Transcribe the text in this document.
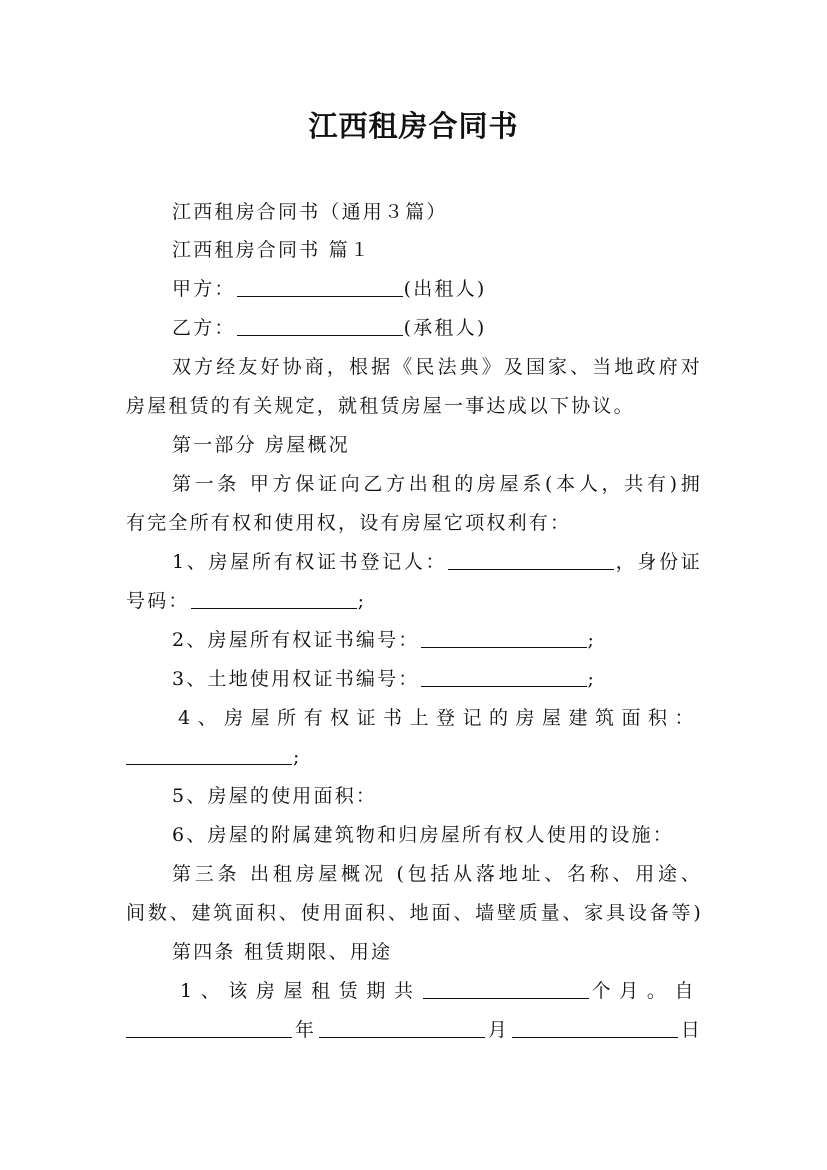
江西租房合同书
江西租房合同书（通用３篇）
江西租房合同书 篇１
甲方：	(出租人)
乙方：	(承租人)
双方经友好协商，根据《民法典》及国家、当地政府对
房屋租赁的有关规定，就租赁房屋一事达成以下协议。
第一部分 房屋概况
第一条 甲方保证向乙方出租的房屋系(本人，共有)拥
有完全所有权和使用权，设有房屋它项权利有：
1、房屋所有权证书登记人：	，身份证
号码：	;
2、房屋所有权证书编号：	;
3、土地使用权证书编号：	;
4、房屋所有权证书上登记的房屋建筑面积：
;
5、房屋的使用面积：
6、房屋的附属建筑物和归房屋所有权人使用的设施：
第三条 出租房屋概况 (包括从落地址、名称、用途、
间数、建筑面积、使用面积、地面、墙壁质量、家具设备等)
第四条 租赁期限、用途
1、该房屋租赁期共	个月。自
年	月	日
